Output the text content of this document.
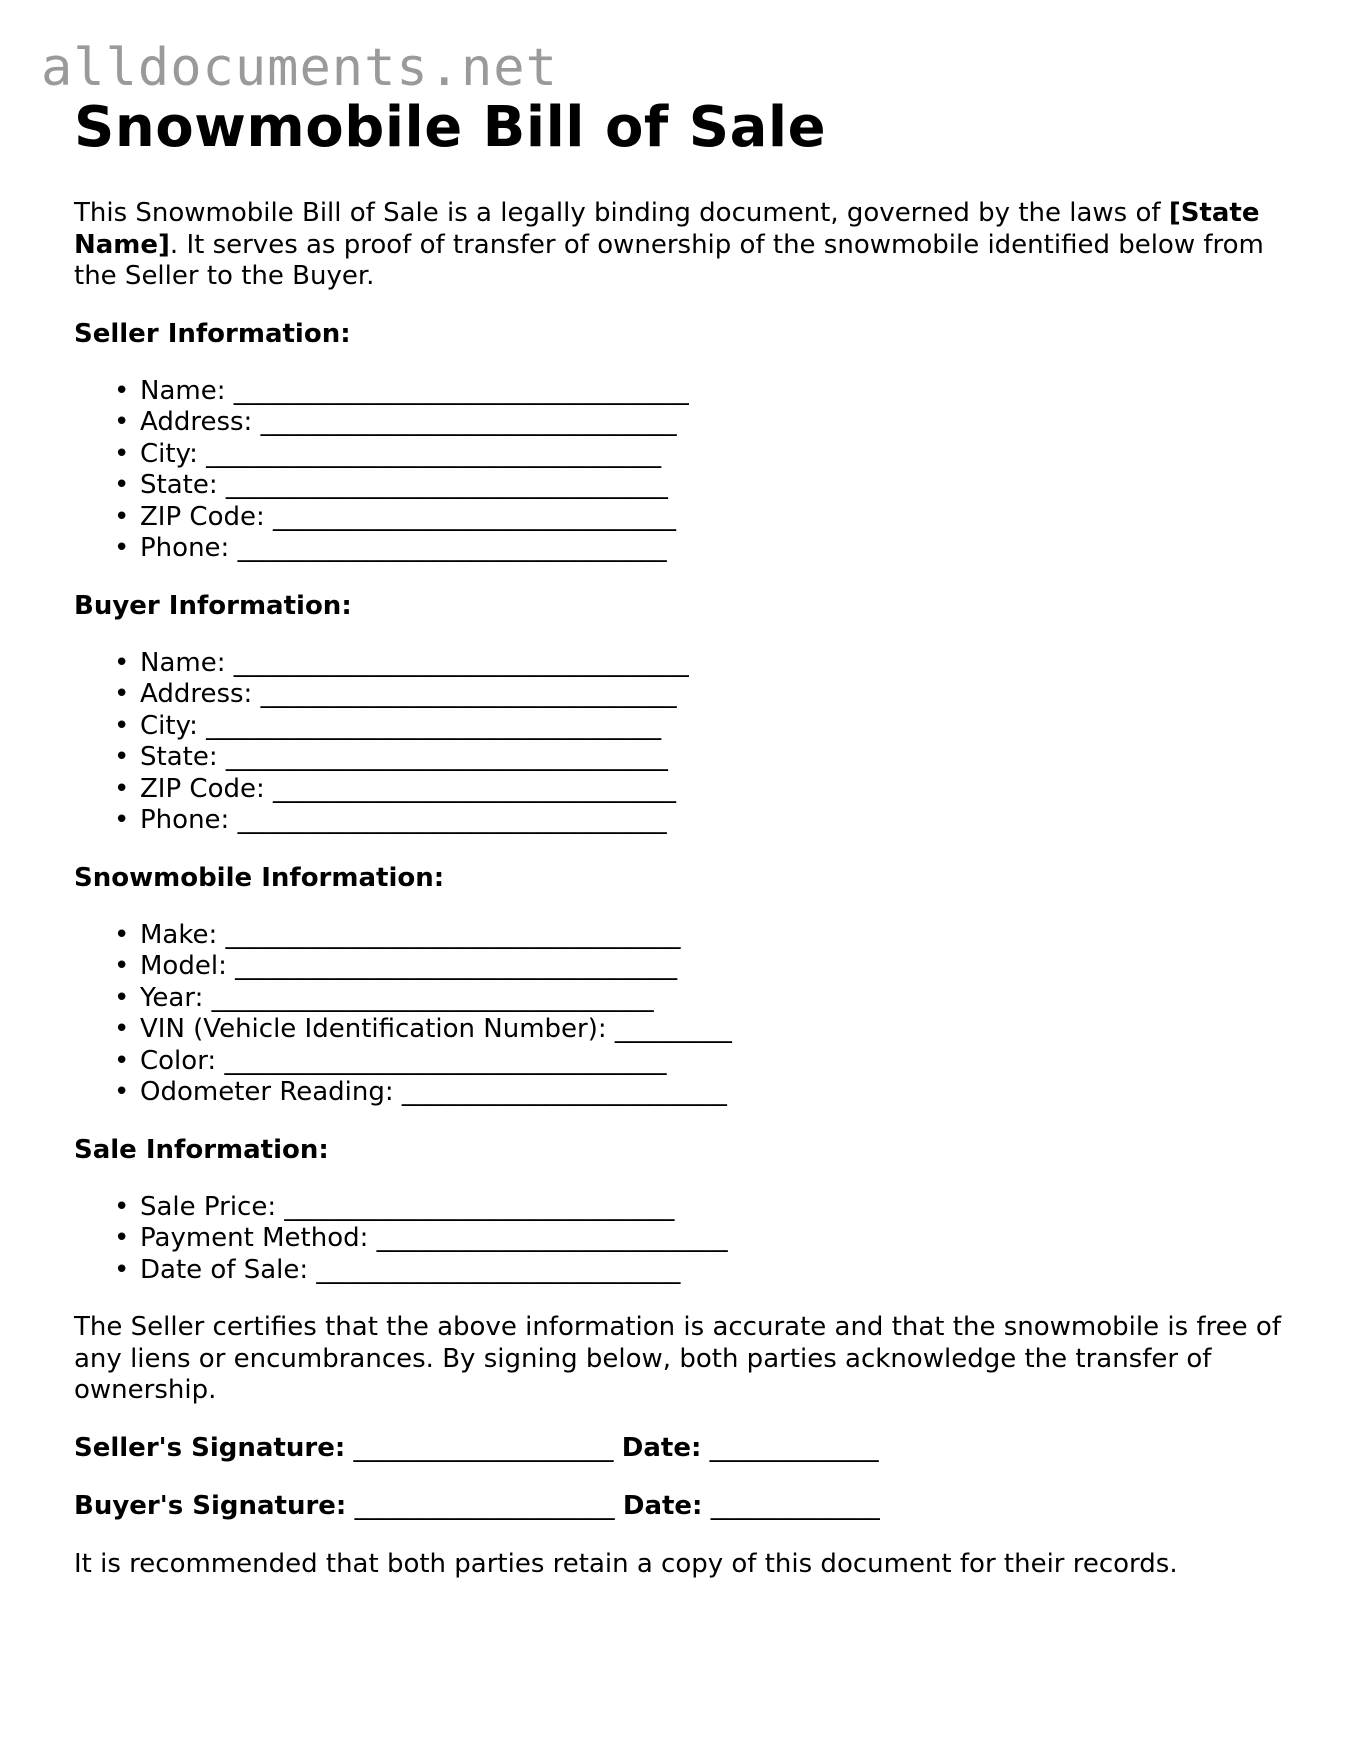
alldocuments.net
Snowmobile Bill of Sale

This Snowmobile Bill of Sale is a legally binding document, governed by the laws of [State Name]. It serves as proof of transfer of ownership of the snowmobile identified below from the Seller to the Buyer.

Seller Information:
• Name: ___________________________________
• Address: ________________________________
• City: ___________________________________
• State: __________________________________
• ZIP Code: _______________________________
• Phone: _________________________________
Buyer Information:
• Name: ___________________________________
• Address: ________________________________
• City: ___________________________________
• State: __________________________________
• ZIP Code: _______________________________
• Phone: _________________________________
Snowmobile Information:
• Make: ___________________________________
• Model: __________________________________
• Year: __________________________________
• VIN (Vehicle Identification Number): _________
• Color: __________________________________
• Odometer Reading: _________________________
Sale Information:
• Sale Price: ______________________________
• Payment Method: ___________________________
• Date of Sale: ____________________________

The Seller certifies that the above information is accurate and that the snowmobile is free of any liens or encumbrances. By signing below, both parties acknowledge the transfer of ownership.

Seller's Signature: ____________________ Date: _____________
Buyer's Signature: ____________________ Date: _____________

It is recommended that both parties retain a copy of this document for their records.
